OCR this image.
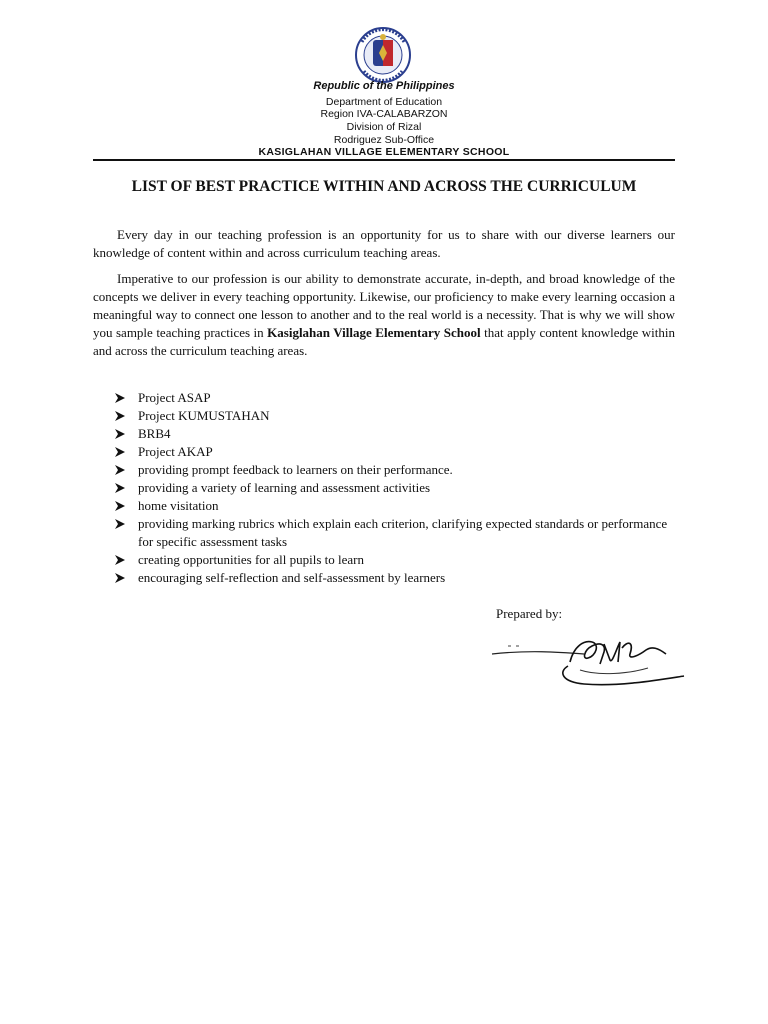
Republic of the Philippines
Department of Education
Region IVA-CALABARZON
Division of Rizal
Rodriguez Sub-Office
KASIGLAHAN VILLAGE ELEMENTARY SCHOOL
LIST OF BEST PRACTICE WITHIN AND ACROSS THE CURRICULUM

Every day in our teaching profession is an opportunity for us to share with our diverse learners our knowledge of content within and across curriculum teaching areas.

Imperative to our profession is our ability to demonstrate accurate, in-depth, and broad knowledge of the concepts we deliver in every teaching opportunity. Likewise, our proficiency to make every learning occasion a meaningful way to connect one lesson to another and to the real world is a necessity. That is why we will show you sample teaching practices in Kasiglahan Village Elementary School that apply content knowledge within and across the curriculum teaching areas.

Project ASAP
Project KUMUSTAHAN
BRB4
Project AKAP
providing prompt feedback to learners on their performance.
providing a variety of learning and assessment activities
home visitation
providing marking rubrics which explain each criterion, clarifying expected standards or performance for specific assessment tasks
creating opportunities for all pupils to learn
encouraging self-reflection and self-assessment by learners
Prepared by:
